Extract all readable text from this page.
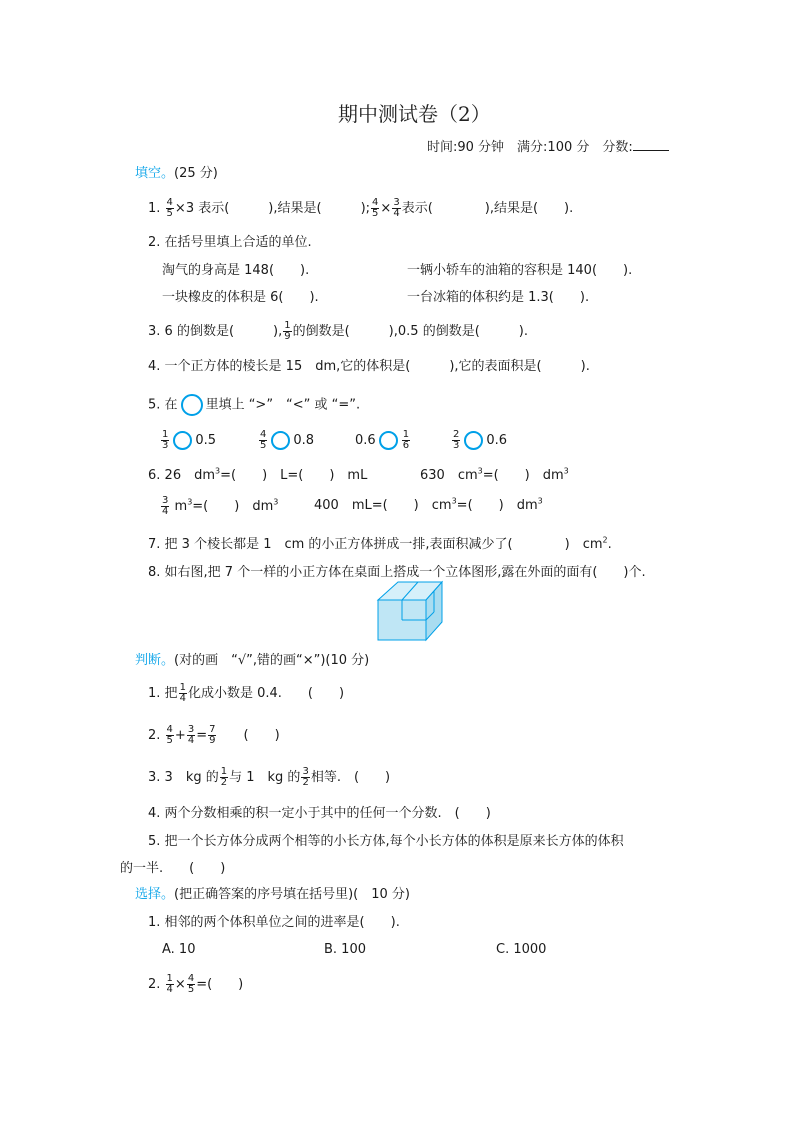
期中测试卷（2）
时间:90 分钟　满分:100 分　分数:
填空。(25 分)
1. $\frac{4}{5} \times 3$ 表示(　　　),结果是(　　　); $\frac{4}{5} \times \frac{3}{4}$ 表示(　　　　),结果是(　　).
2. 在括号里填上合适的单位.
淘气的身高是 148(　　).	一辆小轿车的油箱的容积是 140(　　).
一块橡皮的体积是 6(　　).	一台冰箱的体积约是 1.3(　　).
3. 6 的倒数是(　　　), $\frac{1}{9}$ 的倒数是(　　　),0.5 的倒数是(　　　).
4. 一个正方体的棱长是 15　dm,它的体积是(　　　),它的表面积是(　　　).
5. 在 里填上 “>”　“<” 或 “=”.
$\frac{1}{3} 0.5$	$\frac{4}{5} 0.8$	0.6	$\frac{1}{6}$	$\frac{2}{3} 0.6$
6. 26　$dm^3=$(　　)　L=(　　)　mL	630　$cm^3=$(　　)　$dm^3$
$\frac{3}{4} m^3=$(　　)　$dm^3$	400　mL=(　　)　$cm^3=$(　　)　$dm^3$
7. 把 3 个棱长都是 1　cm 的小正方体拼成一排,表面积减少了(　　　　)　$cm^2$.
8. 如右图,把 7 个一样的小正方体在桌面上搭成一个立体图形,露在外面的面有(　　)个.
判断。(对的画　“√”,错的画“×”)(10 分)
1. 把 $\frac{1}{4}$ 化成小数是 0.4.　　(　　)
2. $\frac{4}{5} + \frac{3}{4} = \frac{7}{9}$
　　 (　　)
3. 3　kg 的 $\frac{1}{2}$ 与 1　kg 的 $\frac{3}{2}$ 相等.　(　　)
4. 两个分数相乘的积一定小于其中的任何一个分数.　(　　)
5. 把一个长方体分成两个相等的小长方体,每个小长方体的体积是原来长方体的体积
的一半.　　(　　)
选择。(把正确答案的序号填在括号里)(　10 分)
1. 相邻的两个体积单位之间的进率是(　　).
A. 10	B. 100	C. 1000
2. $\frac{1}{4} \times \frac{4}{5}$ =(　　)
